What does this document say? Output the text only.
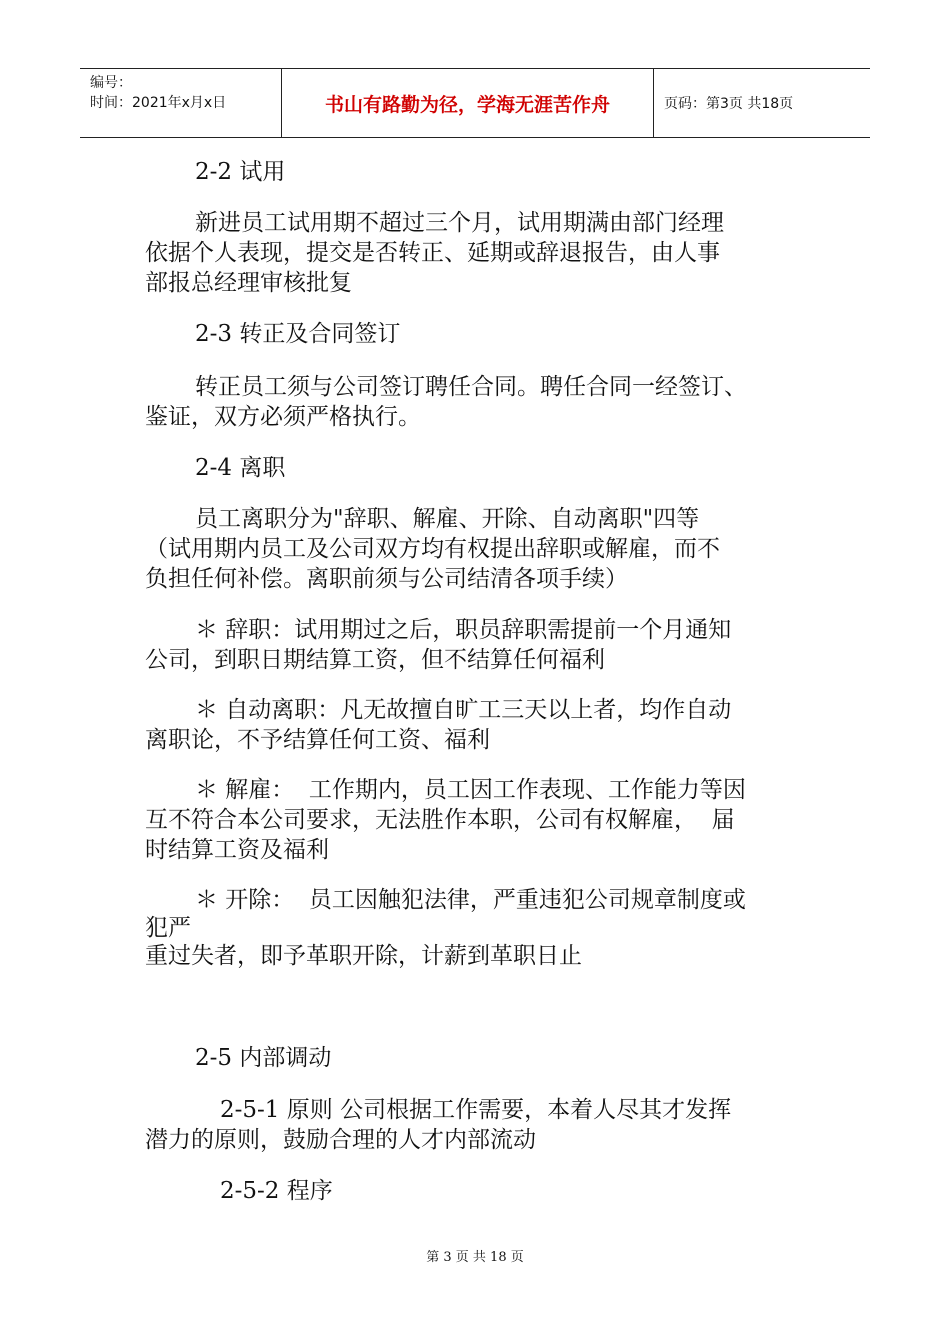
编号：
时间：2021年x月x日	书山有路勤为径，学海无涯苦作舟	页码：第3页 共18页
2-2 试用
新进员工试用期不超过三个月，试用期满由部门经理
依据个人表现，提交是否转正、延期或辞退报告，由人事
部报总经理审核批复
2-3 转正及合同签订
转正员工须与公司签订聘任合同。聘任合同一经签订、
鉴证，双方必须严格执行。
2-4 离职
员工离职分为"辞职、解雇、开除、自动离职"四等
（试用期内员工及公司双方均有权提出辞职或解雇，而不
负担任何补偿。离职前须与公司结清各项手续）
＊ 辞职：试用期过之后，职员辞职需提前一个月通知
公司，到职日期结算工资，但不结算任何福利
＊ 自动离职：凡无故擅自旷工三天以上者，均作自动
离职论，不予结算任何工资、福利
＊ 解雇：  工作期内，员工因工作表现、工作能力等因
互不符合本公司要求，无法胜作本职，公司有权解雇，  届
时结算工资及福利
＊ 开除：  员工因触犯法律，严重违犯公司规章制度或
犯严
重过失者，即予革职开除，计薪到革职日止
2-5 内部调动
2-5-1 原则 公司根据工作需要，本着人尽其才发挥
潜力的原则，鼓励合理的人才内部流动
2-5-2 程序
第 3 页 共 18 页
